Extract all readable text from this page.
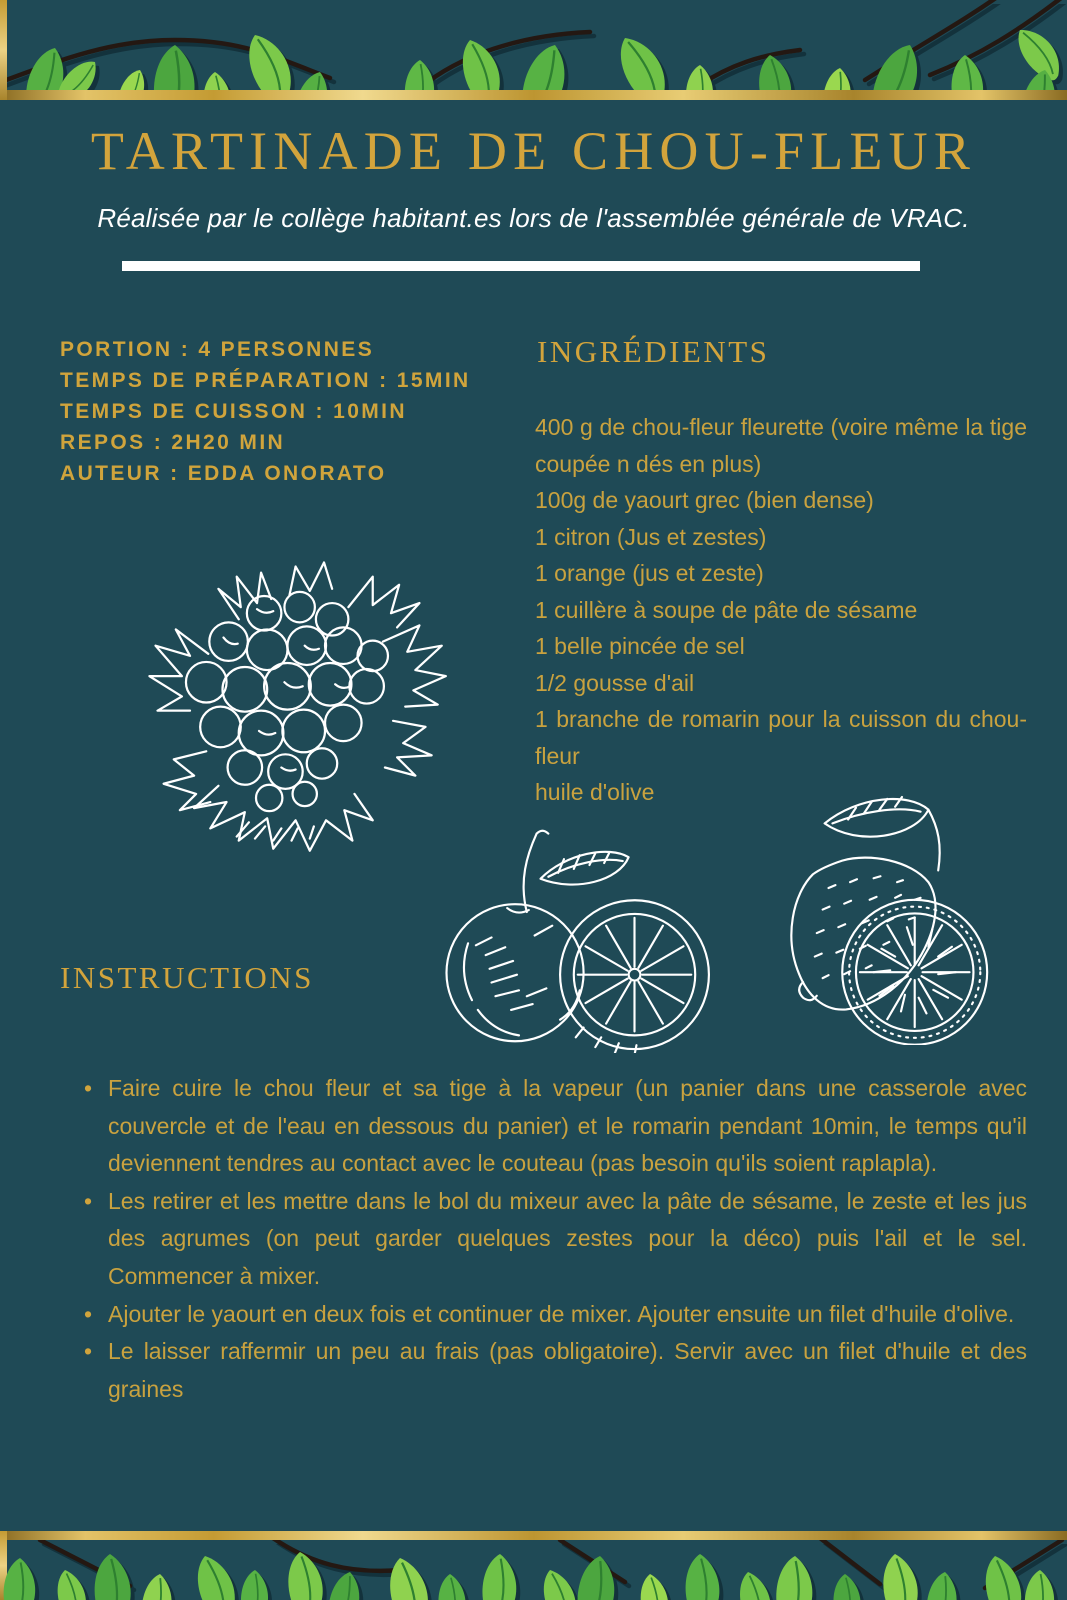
TARTINADE DE CHOU-FLEUR

Réalisée par le collège habitant.es lors de l'assemblée générale de VRAC.

PORTION : 4 PERSONNES
TEMPS DE PRÉPARATION : 15MIN
TEMPS DE CUISSON : 10MIN
REPOS : 2H20 MIN
AUTEUR : EDDA ONORATO
INGRÉDIENTS
400 g de chou-fleur fleurette (voire même la tige coupée n dés en plus)
100g de yaourt grec (bien dense)
1 citron (Jus et zestes)
1 orange (jus et zeste)
1 cuillère à soupe de pâte de sésame
1 belle pincée de sel
1/2 gousse d'ail
1 branche de romarin pour la cuisson du chou-fleur
huile d'olive
INSTRUCTIONS
• Faire cuire le chou fleur et sa tige à la vapeur (un panier dans une casserole avec couvercle et de l'eau en dessous du panier) et le romarin pendant 10min, le temps qu'il deviennent tendres au contact avec le couteau (pas besoin qu'ils soient raplapla).
• Les retirer et les mettre dans le bol du mixeur avec la pâte de sésame, le zeste et les jus des agrumes (on peut garder quelques zestes pour la déco) puis l'ail et le sel. Commencer à mixer.
• Ajouter le yaourt en deux fois et continuer de mixer. Ajouter ensuite un filet d'huile d'olive.
• Le laisser raffermir un peu au frais (pas obligatoire). Servir avec un filet d'huile et des graines
